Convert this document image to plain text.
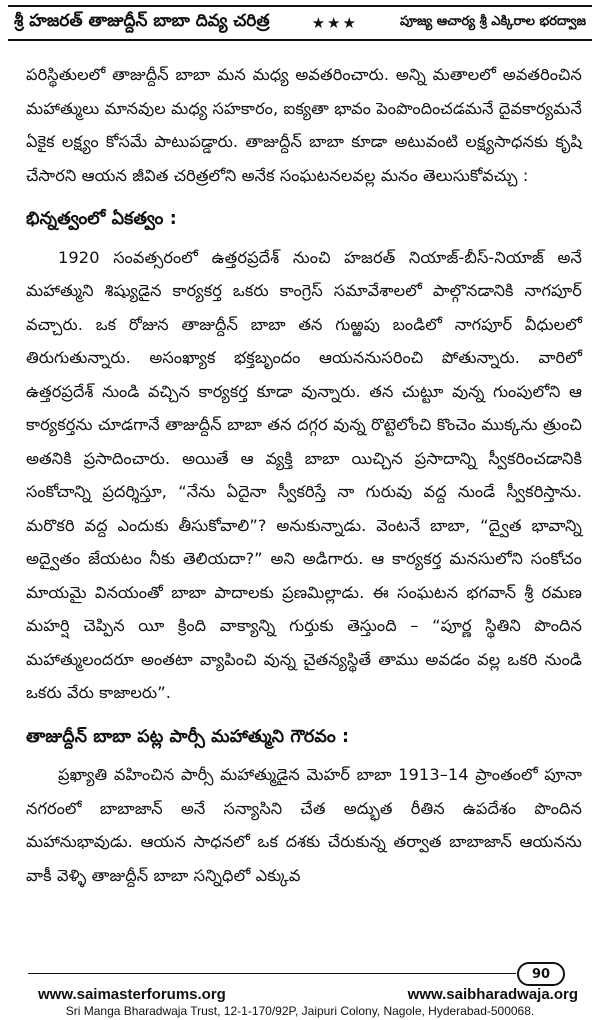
శ్రీ హజరత్ తాజుద్దీన్ బాబా దివ్య చరిత్ర	★★★	పూజ్య ఆచార్య శ్రీ ఎక్కిరాల భరద్వాజ

పరిస్థితులలో తాజుద్దీన్ బాబా మన మధ్య అవతరించారు. అన్ని మతాలలో అవతరించిన మహాత్ములు మానవుల మధ్య సహకారం, ఐక్యతా భావం పెంపొందించడమనే దైవకార్యమనే ఏకైక లక్ష్యం కోసమే పాటుపడ్డారు. తాజుద్దీన్ బాబా కూడా అటువంటి లక్ష్యసాధనకు కృషి చేసారని ఆయన జీవిత చరిత్రలోని అనేక సంఘటనలవల్ల మనం తెలుసుకోవచ్చు :

భిన్నత్వంలో ఏకత్వం :

1920 సంవత్సరంలో ఉత్తరప్రదేశ్ నుంచి హజరత్ నియాజ్-బీస్-నియాజ్ అనే మహాత్ముని శిష్యుడైన కార్యకర్త ఒకరు కాంగ్రెస్ సమావేశాలలో పాల్గొనడానికి నాగపూర్ వచ్చారు. ఒక రోజున తాజుద్దీన్ బాబా తన గుఱ్ఱపు బండిలో నాగపూర్ వీధులలో తిరుగుతున్నారు. అసంఖ్యాక భక్తబృందం ఆయననుసరించి పోతున్నారు. వారిలో ఉత్తరప్రదేశ్ నుండి వచ్చిన కార్యకర్త కూడా వున్నారు. తన చుట్టూ వున్న గుంపులోని ఆ కార్యకర్తను చూడగానే తాజుద్దీన్ బాబా తన దగ్గర వున్న రొట్టెలోంచి కొంచెం ముక్కను త్రుంచి అతనికి ప్రసాదించారు. అయితే ఆ వ్యక్తి బాబా యిచ్చిన ప్రసాదాన్ని స్వీకరించడానికి సంకోచాన్ని ప్రదర్శిస్తూ, “నేను ఏదైనా స్వీకరిస్తే నా గురువు వద్ద నుండే స్వీకరిస్తాను. మరొకరి వద్ద ఎందుకు తీసుకోవాలి”? అనుకున్నాడు. వెంటనే బాబా, “ద్వైత భావాన్ని అద్వైతం జేయటం నీకు తెలియదా?” అని అడిగారు. ఆ కార్యకర్త మనసులోని సంకోచం మాయమై వినయంతో బాబా పాదాలకు ప్రణమిల్లాడు. ఈ సంఘటన భగవాన్ శ్రీ రమణ మహర్షి చెప్పిన యీ క్రింది వాక్యాన్ని గుర్తుకు తెస్తుంది – “పూర్ణ స్థితిని పొందిన మహాత్ములందరూ అంతటా వ్యాపించి వున్న చైతన్యస్థితే తాము అవడం వల్ల ఒకరి నుండి ఒకరు వేరు కాజాలరు”.

తాజుద్దీన్ బాబా పట్ల పార్సీ మహాత్ముని గౌరవం :

ప్రఖ్యాతి వహించిన పార్సీ మహాత్ముడైన మెహర్ బాబా 1913–14 ప్రాంతంలో పూనా నగరంలో బాబాజాన్ అనే సన్యాసిని చేత అద్భుత రీతిన ఉపదేశం పొందిన మహానుభావుడు. ఆయన సాధనలో ఒక దశకు చేరుకున్న తర్వాత బాబాజాన్ ఆయనను వాకీ వెళ్ళి తాజుద్దీన్ బాబా సన్నిధిలో ఎక్కువ

90
www.saimasterforums.org	www.saibharadwaja.org
Sri Manga Bharadwaja Trust, 12-1-170/92P, Jaipuri Colony, Nagole, Hyderabad-500068.
